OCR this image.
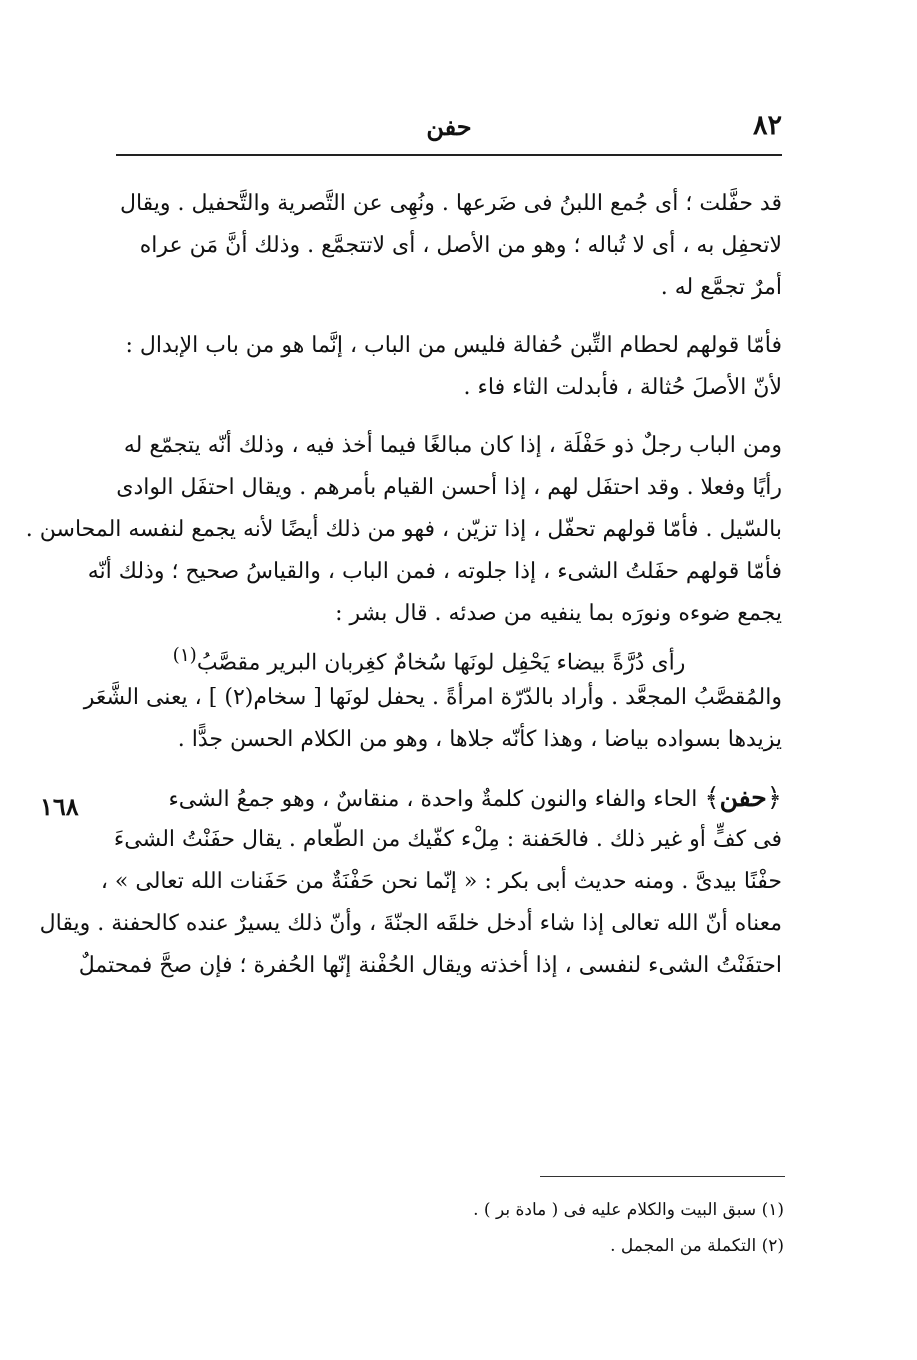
٨٢
حفن
١٦٨
قد حفَّلت ؛ أى جُمع اللبنُ فى ضَرعها . ونُهِى عن التَّصرية والتَّحفيل . ويقال
لاتحفِل به ، أى لا تُباله ؛ وهو من الأصل ، أى لاتتجمَّع . وذلك أنَّ مَن عراه
أمرٌ تجمَّع له .
فأمّا قولهم لحطام التِّبن حُفالة فليس من الباب ، إنَّما هو من باب الإبدال :
لأنّ الأصلَ حُثالة ، فأبدلت الثاء فاء .
ومن الباب رجلٌ ذو حَفْلَة ، إذا كان مبالغًا فيما أخذ فيه ، وذلك أنّه يتجمّع له
رأيًا وفعلا . وقد احتفَل لهم ، إذا أحسن القيام بأمرهم . ويقال احتفَل الوادى
بالسّيل . فأمّا قولهم تحفّل ، إذا تزيّن ، فهو من ذلك أيضًا لأنه يجمع لنفسه المحاسن .
فأمّا قولهم حفَلتُ الشىء ، إذا جلوته ، فمن الباب ، والقياسُ صحيح ؛ وذلك أنّه
يجمع ضوءه ونورَه بما ينفيه من صدئه . قال بشر :
رأى دُرَّةً بيضاء يَحْفِل لونَها سُخامٌ كغِربان البرير مقصَّبُ$^{(١)}$
والمُقصَّبُ المجعَّد . وأراد بالدّرّة امرأةً . يحفل لونَها [ سخام(٢) ] ، يعنى الشَّعَر
يزيدها بسواده بياضا ، وهذا كأنّه جلاها ، وهو من الكلام الحسن جدًّا .
﴿حفن﴾ الحاء والفاء والنون كلمةٌ واحدة ، منقاسٌ ، وهو جمعُ الشىء
فى كفٍّ أو غير ذلك . فالحَفنة : مِلْء كفّيك من الطّعام . يقال حفَنْتُ الشىءَ
حفْنًا بيدىَّ . ومنه حديث أبى بكر : « إنّما نحن حَفْنَةٌ من حَفَنات الله تعالى » ،
معناه أنّ الله تعالى إذا شاء أدخل خلقَه الجنّةَ ، وأنّ ذلك يسيرٌ عنده كالحفنة . ويقال
احتفَنْتُ الشىء لنفسى ، إذا أخذته ويقال الحُفْنة إنّها الحُفرة ؛ فإن صحَّ فمحتملٌ
(١) سبق البيت والكلام عليه فى ( مادة بر ) .
(٢) التكملة من المجمل .
